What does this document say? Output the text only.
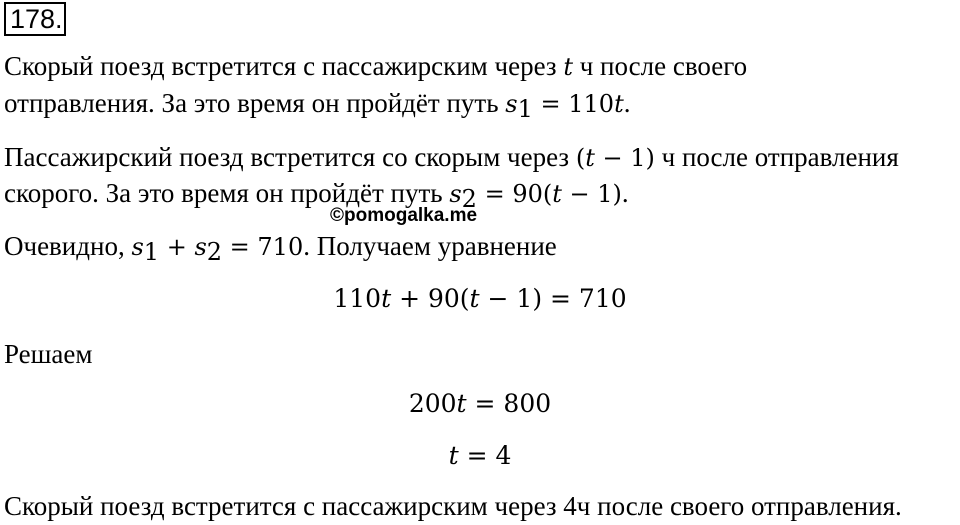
178.
Скорый поезд встретится с пассажирским через t ч после своего
отправления. За это время он пройдёт путь $s_1 = 110t$.
Пассажирский поезд встретится со скорым через (t − 1) ч после отправления
скорого. За это время он пройдёт путь $s_2 = 90(t - 1)$.
©pomogalka.me
Очевидно, $s_1 + s_2 = 710$. Получаем уравнение
110t + 90(t − 1) = 710
Решаем
200t = 800
t = 4
Скорый поезд встретится с пассажирским через 4ч после своего отправления.
